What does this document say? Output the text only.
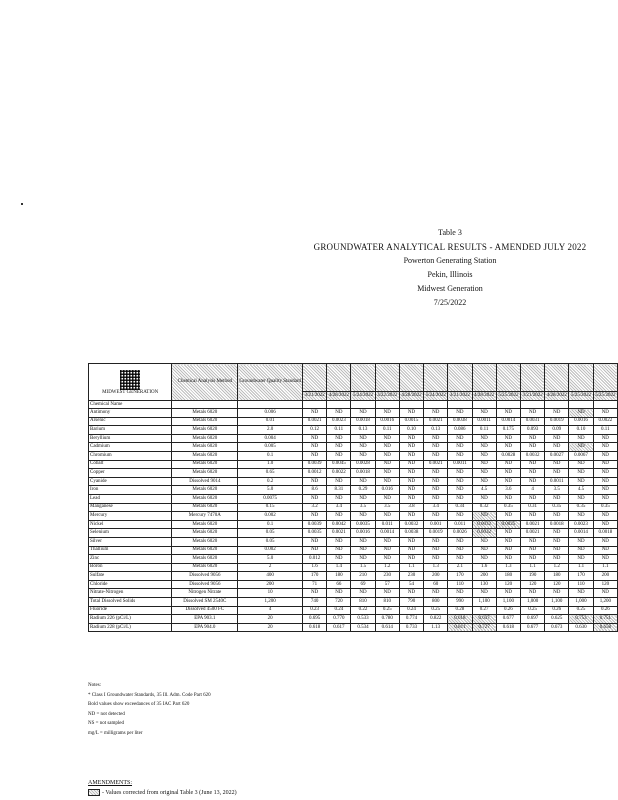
Table 3
GROUNDWATER ANALYTICAL RESULTS - AMENDED JULY 2022
Powerton Generating Station
Pekin, Illinois
Midwest Generation
7/25/2022
MIDWEST GENERATION	Chemical Analysis Method	Groundwater Quality Standard													
			3/21/2022	4/28/2022	5/24/2022	3/22/2022	4/28/2022	5/24/2022	3/21/2022	4/28/2022	5/25/2022	3/21/2022	4/28/2022	5/25/2022	5/25/2022
Chemical Name															
Antimony	Metals 6020	0.006	ND	ND	ND	ND	ND	ND	ND	ND	ND	ND	ND	ND	ND
Arsenic	Metals 6020	0.01	0.0021	0.0023	0.0018	0.0016	0.0015	0.0021	0.0038	0.0011	0.0014	0.0031	0.0019	0.0016	0.0022
Barium	Metals 6020	2.0	0.12	0.11	0.13	0.11	0.10	0.13	0.086	0.11	0.175	0.093	0.09	0.10	0.11
Beryllium	Metals 6020	0.004	ND	ND	ND	ND	ND	ND	ND	ND	ND	ND	ND	ND	ND
Cadmium	Metals 6020	0.005	ND	ND	ND	ND	ND	ND	ND	ND	ND	ND	ND	ND	ND
Chromium	Metals 6020	0.1	ND	ND	ND	ND	ND	ND	ND	ND	0.0028	0.0032	0.0027	0.0067	ND
Cobalt	Metals 6020	1.0	0.0039	0.0045	0.0028	ND	ND	0.0021	0.0011	ND	ND	ND	ND	ND	ND
Copper	Metals 6020	0.65	0.0012	0.0022	0.0018	ND	ND	ND	ND	ND	ND	ND	ND	ND	ND
Cyanide	Dissolved 9014	0.2	ND	ND	ND	ND	ND	ND	ND	ND	ND	ND	0.0011	ND	ND
Iron	Metals 6020	5.0	8.6	8.31	0.29	0.016	ND	ND	ND	4.5	3.6	4	3.5	4.5	ND
Lead	Metals 6020	0.0075	ND	ND	ND	ND	ND	ND	ND	ND	ND	ND	ND	ND	ND
Manganese	Metals 6020	0.15	3.2	3.4	3.5	3.5	3.8	3.4	0.34	0.32	0.35	0.31	0.35	0.35	0.35
Mercury	Mercury 7470A	0.002	ND	ND	ND	ND	ND	ND	ND	ND	ND	ND	ND	ND	ND
Nickel	Metals 6020	0.1	0.0039	0.0042	0.0035	0.011	0.0032	0.001	0.011	0.0032	0.0025	0.0021	0.0018	0.0023	ND
Selenium	Metals 6020	0.05	0.0035	0.0021	0.0016	0.0014	0.0038	0.0019	0.0026	0.0032	ND	0.0021	ND	0.0014	0.0018
Silver	Metals 6020	0.05	ND	ND	ND	ND	ND	ND	ND	ND	ND	ND	ND	ND	ND
Thallium	Metals 6020	0.002	ND	ND	ND	ND	ND	ND	ND	ND	ND	ND	ND	ND	ND
Zinc	Metals 6020	5.0	0.012	ND	ND	ND	ND	ND	ND	ND	ND	ND	ND	ND	ND
Boron	Metals 6020	2	1.6	1.4	1.5	1.2	1.1	1.3	2.1	1.6	1.3	1.1	1.2	1.1	1.1
Sulfate	Dissolved 9056	400	170	180	210	230	230	200	170	200	180	190	180	170	200
Chloride	Dissolved 9056	200	71	66	69	57	54	60	110	130	120	120	120	110	120
Nitrate-Nitrogen	Nitrogen Nitrate	10	ND	ND	ND	ND	ND	ND	ND	ND	ND	ND	ND	ND	ND
Total Dissolved Solids	Dissolved SM 2540C	1,200	740	720	810	810	790	800	990	1,100	1,100	1,000	1,100	1,000	1,200
Fluoride	Dissolved 4500 FC	4	0.23	0.24	0.22	0.25	0.24	0.25	0.28	0.27	0.26	0.25	0.26	0.25	0.26
Radium 226 (pCi/L)	EPA 903.1	20	0.695	0.770	0.533	0.780	0.774	0.822	0.618	0.637	0.677	0.697	0.625	0.753	0.751
Radium 228 (pCi/L)	EPA 904.0	20	0.618	0.617	0.534	0.614	0.733	1.13	0.811	0.727	0.618	0.677	0.673	0.630	0.658
Notes:
* Class I Groundwater Standards, 35 Ill. Adm. Code Part 620
Bold values show exceedances of 35 IAC Part 620
ND = not detected
NS = not sampled
mg/L = milligrams per liter
AMENDMENTS:
- Values corrected from original Table 3 (June 13, 2022)
